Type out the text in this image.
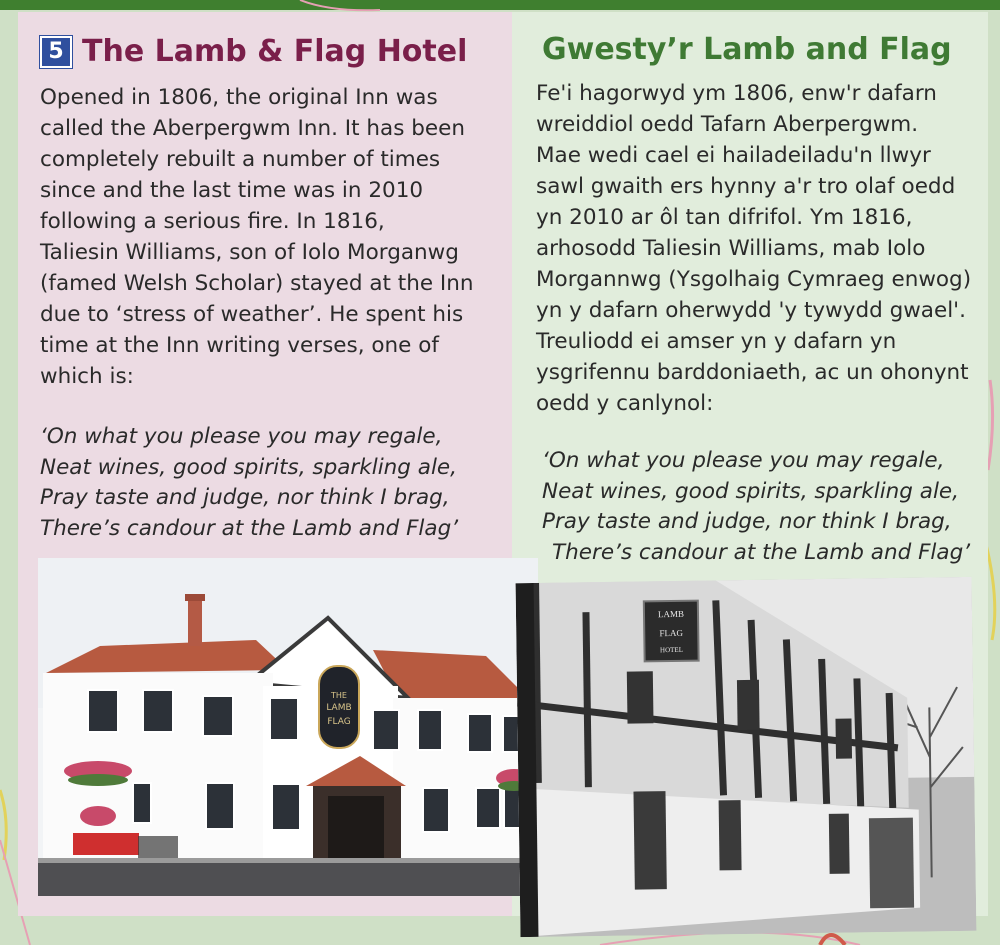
5 The Lamb & Flag Hotel

Opened in 1806, the original Inn was
called the Aberpergwm Inn. It has been
completely rebuilt a number of times
since and the last time was in 2010
following a serious fire. In 1816,
Taliesin Williams, son of Iolo Morganwg
(famed Welsh Scholar) stayed at the Inn
due to ‘stress of weather’. He spent his
time at the Inn writing verses, one of
which is:

‘On what you please you may regale,
Neat wines, good spirits, sparkling ale,
Pray taste and judge, nor think I brag,
There’s candour at the Lamb and Flag’

Gwesty’r Lamb and Flag

Fe'i hagorwyd ym 1806, enw'r dafarn
wreiddiol oedd Tafarn Aberpergwm.
Mae wedi cael ei hailadeiladu'n llwyr
sawl gwaith ers hynny a'r tro olaf oedd
yn 2010 ar ôl tan difrifol. Ym 1816,
arhosodd Taliesin Williams, mab Iolo
Morgannwg (Ysgolhaig Cymraeg enwog)
yn y dafarn oherwydd 'y tywydd gwael'.
Treuliodd ei amser yn y dafarn yn
ysgrifennu barddoniaeth, ac un ohonynt
oedd y canlynol:

‘On what you please you may regale,
Neat wines, good spirits, sparkling ale,
Pray taste and judge, nor think I brag,
There’s candour at the Lamb and Flag’

THE
LAMB
FLAG
LAMB
FLAG
HOTEL
